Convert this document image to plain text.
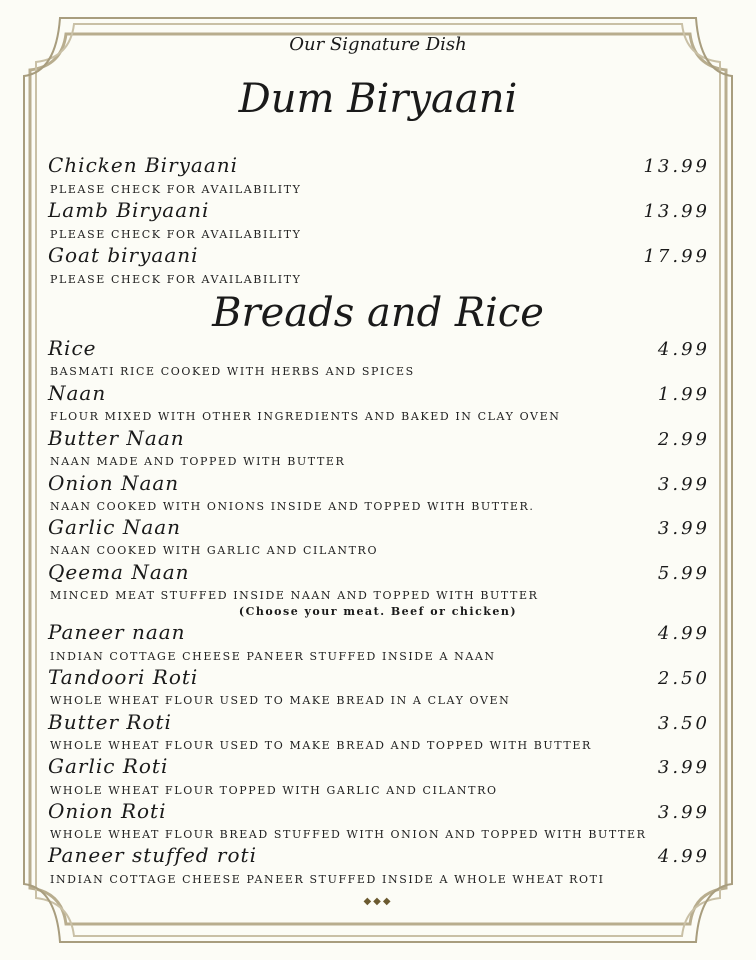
Our Signature Dish
Dum Biryaani
Chicken Biryaani	13.99
PLEASE CHECK FOR AVAILABILITY
Lamb Biryaani	13.99
PLEASE CHECK FOR AVAILABILITY
Goat biryaani	17.99
PLEASE CHECK FOR AVAILABILITY
Breads and Rice
Rice	4.99
BASMATI RICE COOKED WITH HERBS AND SPICES
Naan	1.99
FLOUR MIXED WITH OTHER INGREDIENTS AND BAKED IN CLAY OVEN
Butter Naan	2.99
NAAN MADE AND TOPPED WITH BUTTER
Onion Naan	3.99
NAAN COOKED WITH ONIONS INSIDE AND TOPPED WITH BUTTER.
Garlic Naan	3.99
NAAN COOKED WITH GARLIC AND CILANTRO
Qeema Naan	5.99
MINCED MEAT STUFFED INSIDE NAAN AND TOPPED WITH BUTTER
(Choose your meat. Beef or chicken)
Paneer naan	4.99
INDIAN COTTAGE CHEESE PANEER STUFFED INSIDE A NAAN
Tandoori Roti	2.50
WHOLE WHEAT FLOUR USED TO MAKE BREAD IN A CLAY OVEN
Butter Roti	3.50
WHOLE WHEAT FLOUR USED TO MAKE BREAD AND TOPPED WITH BUTTER
Garlic Roti	3.99
WHOLE WHEAT FLOUR TOPPED WITH GARLIC AND CILANTRO
Onion Roti	3.99
WHOLE WHEAT FLOUR BREAD STUFFED WITH ONION AND TOPPED WITH BUTTER
Paneer stuffed roti	4.99
INDIAN COTTAGE CHEESE PANEER STUFFED INSIDE A WHOLE WHEAT ROTI
◆◆◆
